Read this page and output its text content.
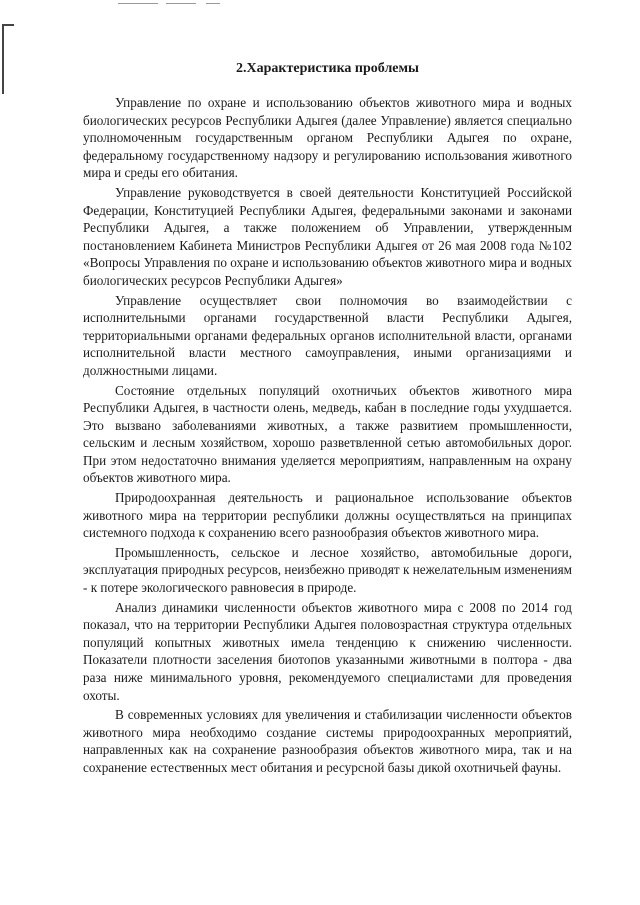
2.Характеристика проблемы

Управление по охране и использованию объектов животного мира и водных биологических ресурсов Республики Адыгея (далее Управление) является специально уполномоченным государственным органом Республики Адыгея по охране, федеральному государственному надзору и регулированию использования животного мира и среды его обитания.

Управление руководствуется в своей деятельности Конституцией Российской Федерации, Конституцией Республики Адыгея, федеральными законами и законами Республики Адыгея, а также положением об Управлении, утвержденным постановлением Кабинета Министров Республики Адыгея от 26 мая 2008 года №102 «Вопросы Управления по охране и использованию объектов животного мира и водных биологических ресурсов Республики Адыгея»

Управление осуществляет свои полномочия во взаимодействии с исполнительными органами государственной власти Республики Адыгея, территориальными органами федеральных органов исполнительной власти, органами исполнительной власти местного самоуправления, иными организациями и должностными лицами.

Состояние отдельных популяций охотничьих объектов животного мира Республики Адыгея, в частности олень, медведь, кабан в последние годы ухудшается. Это вызвано заболеваниями животных, а также развитием промышленности, сельским и лесным хозяйством, хорошо разветвленной сетью автомобильных дорог. При этом недостаточно внимания уделяется мероприятиям, направленным на охрану объектов животного мира.

Природоохранная деятельность и рациональное использование объектов животного мира на территории республики должны осуществляться на принципах системного подхода к сохранению всего разнообразия объектов животного мира.

Промышленность, сельское и лесное хозяйство, автомобильные дороги, эксплуатация природных ресурсов, неизбежно приводят к нежелательным изменениям - к потере экологического равновесия в природе.

Анализ динамики численности объектов животного мира с 2008 по 2014 год показал, что на территории Республики Адыгея половозрастная структура отдельных популяций копытных животных имела тенденцию к снижению численности. Показатели плотности заселения биотопов указанными животными в полтора - два раза ниже минимального уровня, рекомендуемого специалистами для проведения охоты.

В современных условиях для увеличения и стабилизации численности объектов животного мира необходимо создание системы природоохранных мероприятий, направленных как на сохранение разнообразия объектов животного мира, так и на сохранение естественных мест обитания и ресурсной базы дикой охотничьей фауны.
